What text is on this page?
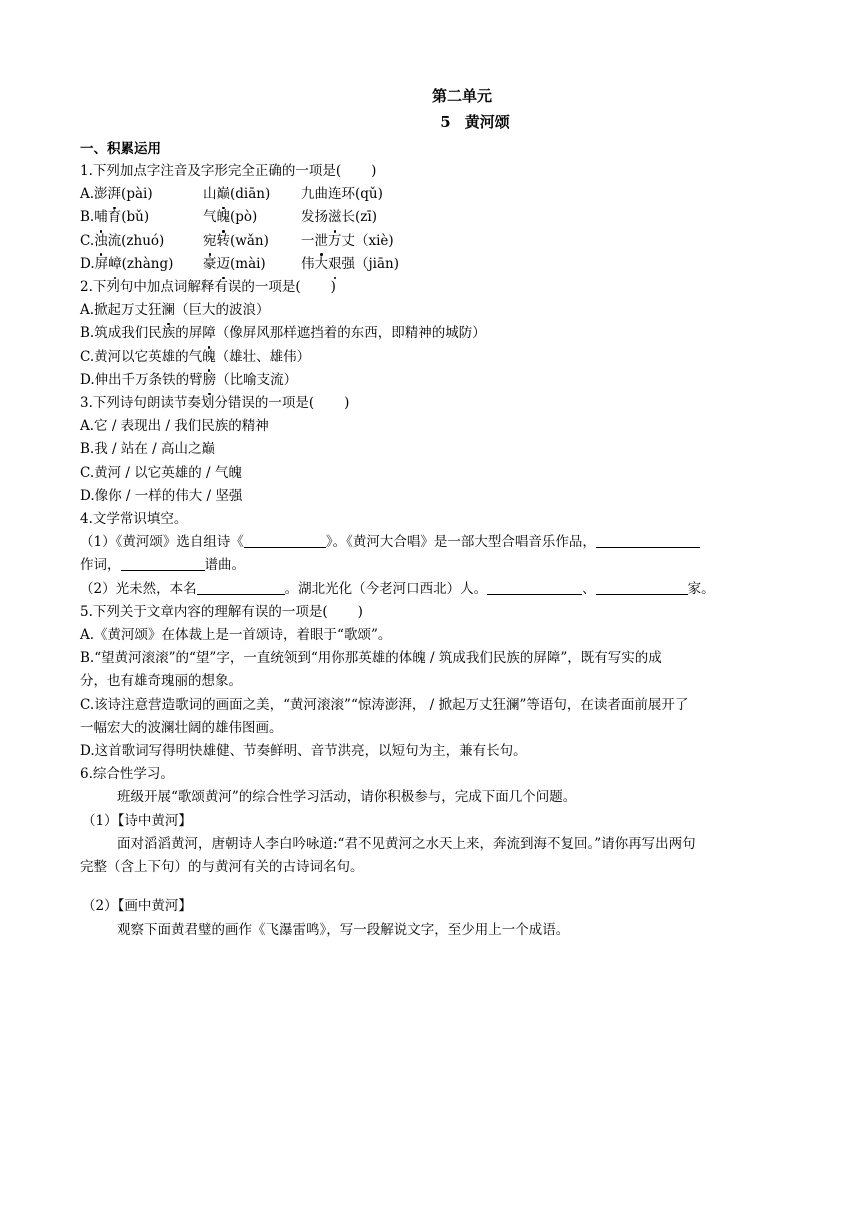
第二单元
5 黄河颂
一、积累运用
1.下列加点字注音及字形完全正确的一项是( )
A.澎湃(pài)	山巅(diān) 九曲连环(qǔ)
B.哺育(bǔ)	气魄(pò)	发扬滋长(zī)
C.浊流(zhuó)	宛转(wǎn) 一泄万丈（xiè)
D.屏嶂(zhàng) 豪迈(mài)	伟大艰强（jiān)
2.下列句中加点词解释有误的一项是( )
A.掀起万丈狂澜（巨大的波浪）
B.筑成我们民族的屏障（像屏风那样遮挡着的东西，即精神的城防）
C.黄河以它英雄的气魄（雄壮、雄伟）
D.伸出千万条铁的臂膀（比喻支流）
3.下列诗句朗读节奏划分错误的一项是( )
A.它 / 表现出 / 我们民族的精神
B.我 / 站在 / 高山之巅
C.黄河 / 以它英雄的 / 气魄
D.像你 / 一样的伟大 / 坚强
4.文学常识填空。
（1）《黄河颂》选自组诗《	》。《黄河大合唱》是一部大型合唱音乐作品，
作词，	谱曲。
（2）光未然，本名	。湖北光化（今老河口西北）人。	、	家。
5.下列关于文章内容的理解有误的一项是( )
A.《黄河颂》在体裁上是一首颂诗，着眼于“歌颂”。
B.“望黄河滚滚”的“望”字，一直统领到“用你那英雄的体魄 / 筑成我们民族的屏障”，既有写实的成
分，也有雄奇瑰丽的想象。
C.该诗注意营造歌词的画面之美，“黄河滚滚”“惊涛澎湃， / 掀起万丈狂澜”等语句，在读者面前展开了
一幅宏大的波澜壮阔的雄伟图画。
D.这首歌词写得明快雄健、节奏鲜明、音节洪亮，以短句为主，兼有长句。
6.综合性学习。
班级开展“歌颂黄河”的综合性学习活动，请你积极参与，完成下面几个问题。
（1）【诗中黄河】
面对滔滔黄河，唐朝诗人李白吟咏道:“君不见黄河之水天上来，奔流到海不复回。”请你再写出两句
完整（含上下句）的与黄河有关的古诗词名句。
（2）【画中黄河】
观察下面黄君璧的画作《飞瀑雷鸣》，写一段解说文字，至少用上一个成语。
